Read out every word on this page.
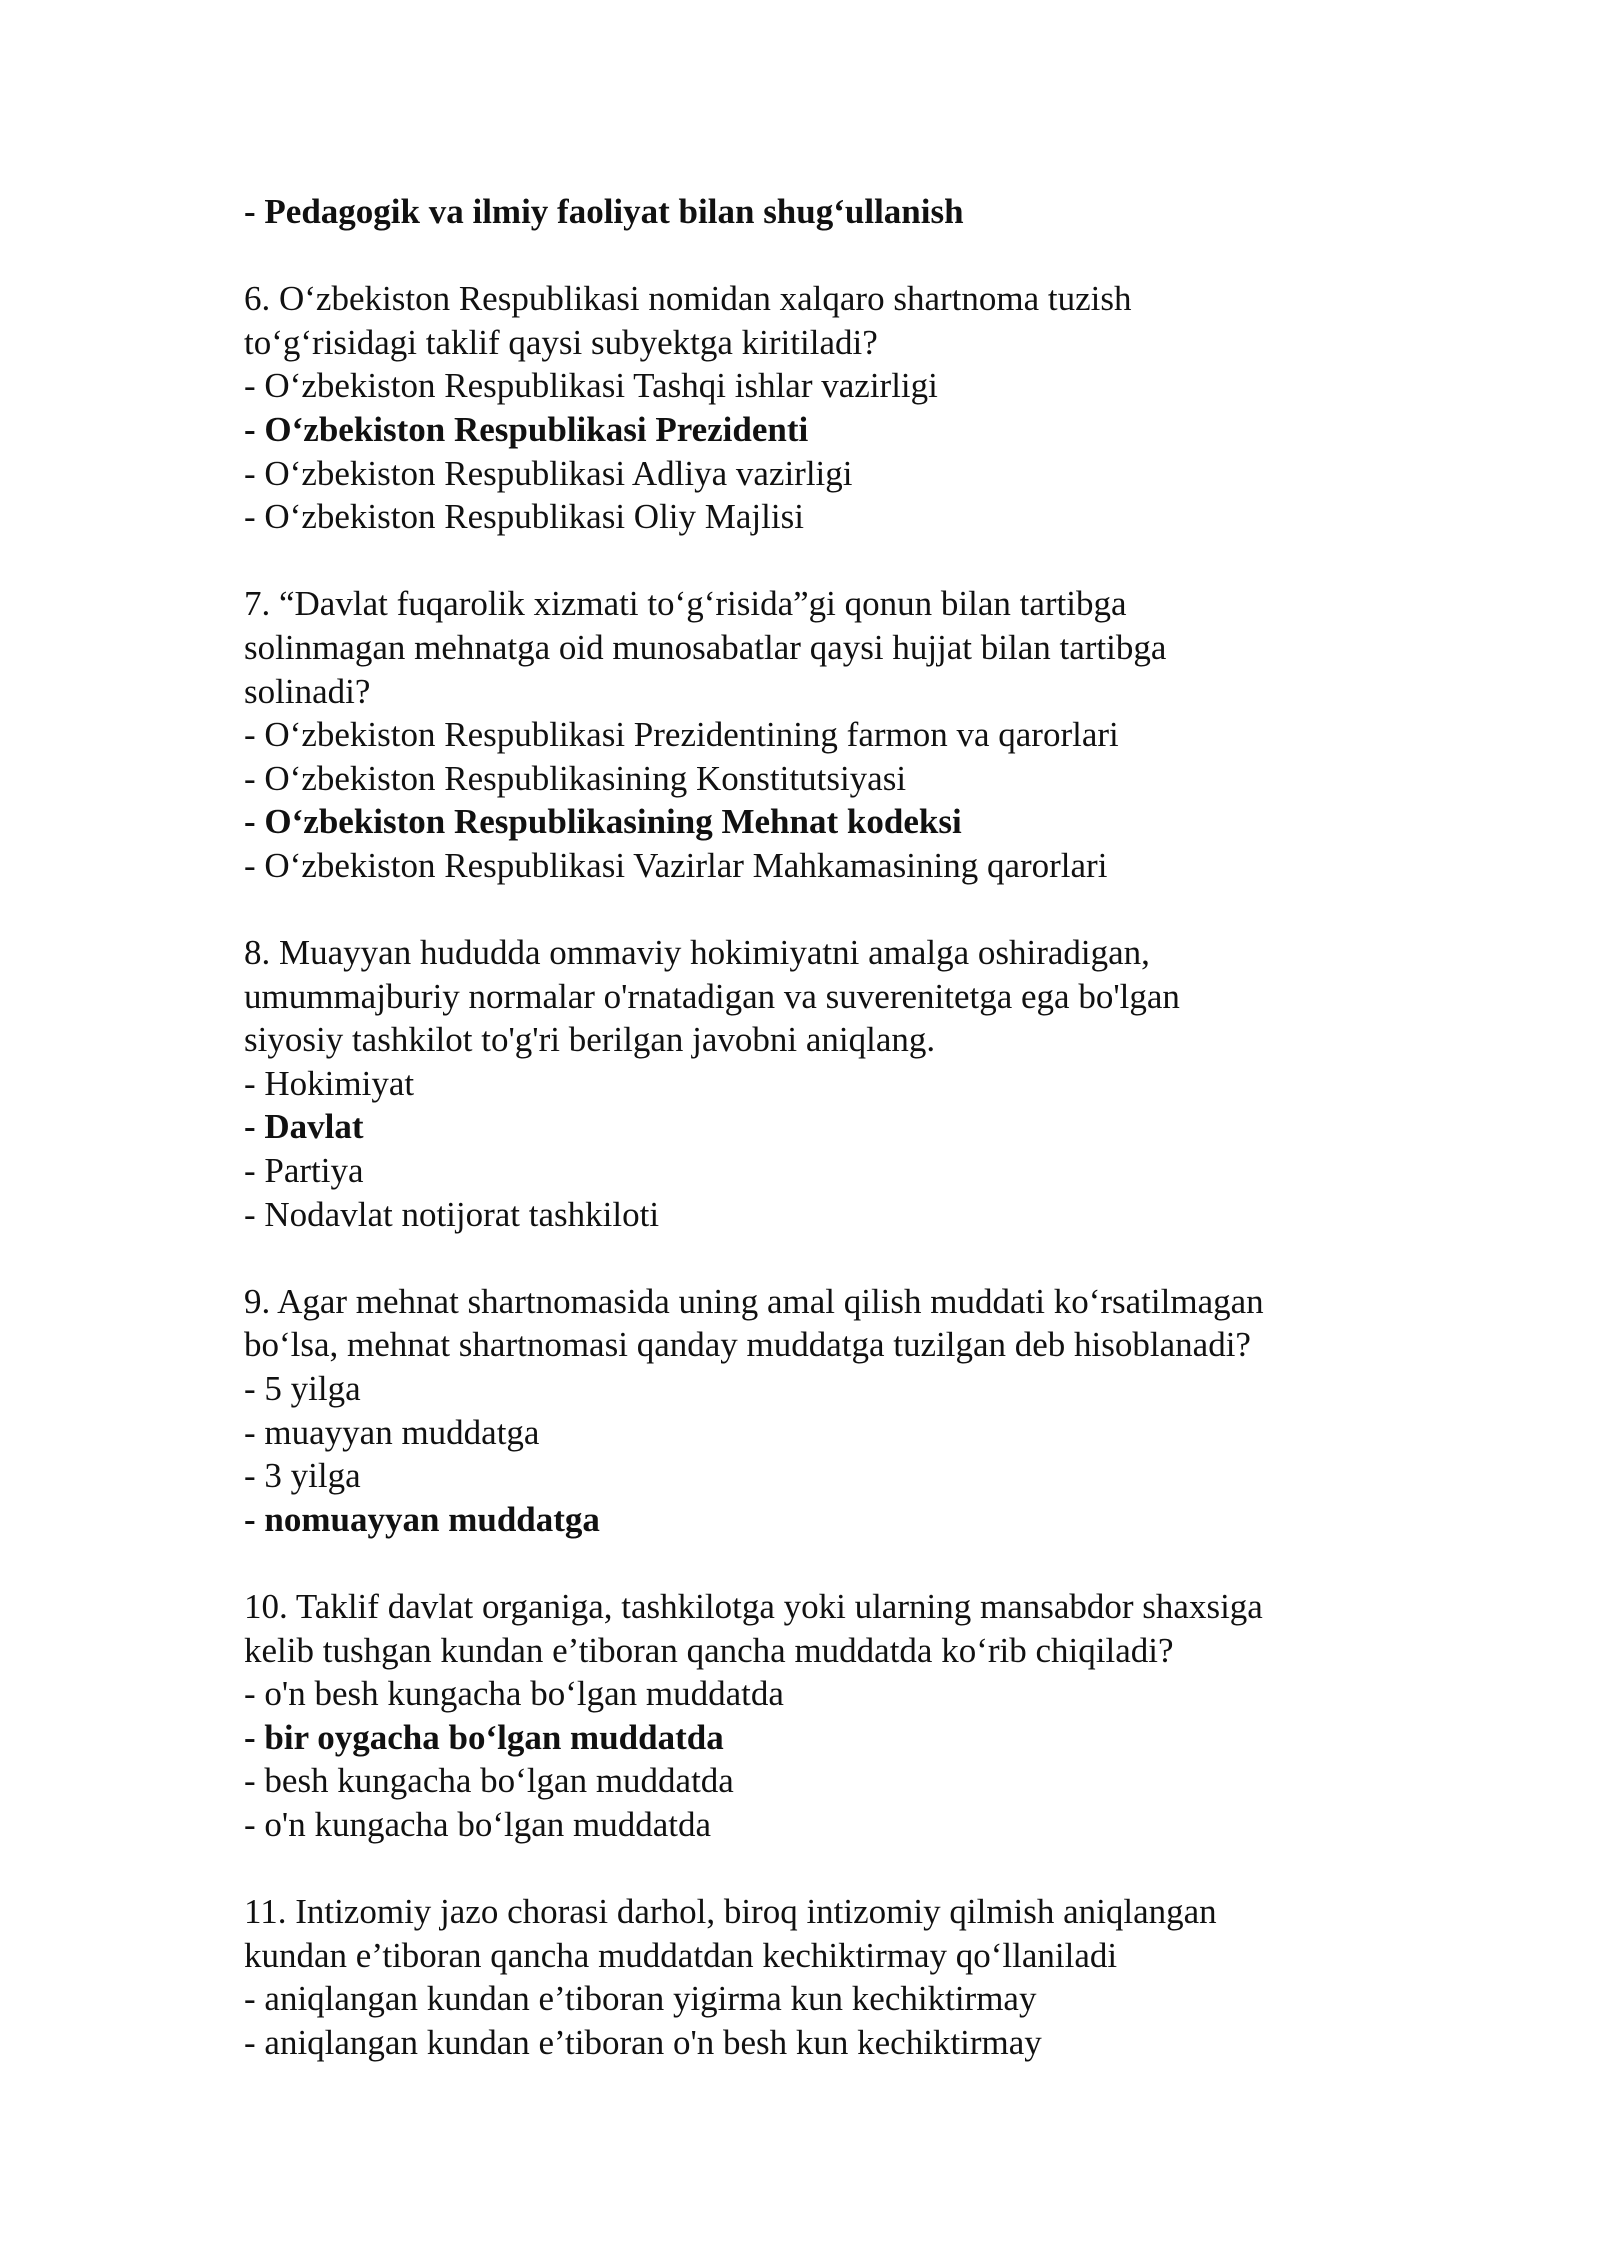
- Pedagogik va ilmiy faoliyat bilan shug‘ullanish
6. O‘zbekiston Respublikasi nomidan xalqaro shartnoma tuzish
to‘g‘risidagi taklif qaysi subyektga kiritiladi?
- O‘zbekiston Respublikasi Tashqi ishlar vazirligi
- O‘zbekiston Respublikasi Prezidenti
- O‘zbekiston Respublikasi Adliya vazirligi
- O‘zbekiston Respublikasi Oliy Majlisi
7. “Davlat fuqarolik xizmati to‘g‘risida”gi qonun bilan tartibga
solinmagan mehnatga oid munosabatlar qaysi hujjat bilan tartibga
solinadi?
- O‘zbekiston Respublikasi Prezidentining farmon va qarorlari
- O‘zbekiston Respublikasining Konstitutsiyasi
- O‘zbekiston Respublikasining Mehnat kodeksi
- O‘zbekiston Respublikasi Vazirlar Mahkamasining qarorlari
8. Muayyan hududda ommaviy hokimiyatni amalga oshiradigan,
umummajburiy normalar o'rnatadigan va suverenitetga ega bo'lgan
siyosiy tashkilot to'g'ri berilgan javobni aniqlang.
- Hokimiyat
- Davlat
- Partiya
- Nodavlat notijorat tashkiloti
9. Agar mehnat shartnomasida uning amal qilish muddati ko‘rsatilmagan
bo‘lsa, mehnat shartnomasi qanday muddatga tuzilgan deb hisoblanadi?
- 5 yilga
- muayyan muddatga
- 3 yilga
- nomuayyan muddatga
10. Taklif davlat organiga, tashkilotga yoki ularning mansabdor shaxsiga
kelib tushgan kundan e’tiboran qancha muddatda ko‘rib chiqiladi?
- o'n besh kungacha bo‘lgan muddatda
- bir oygacha bo‘lgan muddatda
- besh kungacha bo‘lgan muddatda
- o'n kungacha bo‘lgan muddatda
11. Intizomiy jazo chorasi darhol, biroq intizomiy qilmish aniqlangan
kundan e’tiboran qancha muddatdan kechiktirmay qo‘llaniladi
- aniqlangan kundan e’tiboran yigirma kun kechiktirmay
- aniqlangan kundan e’tiboran o'n besh kun kechiktirmay
